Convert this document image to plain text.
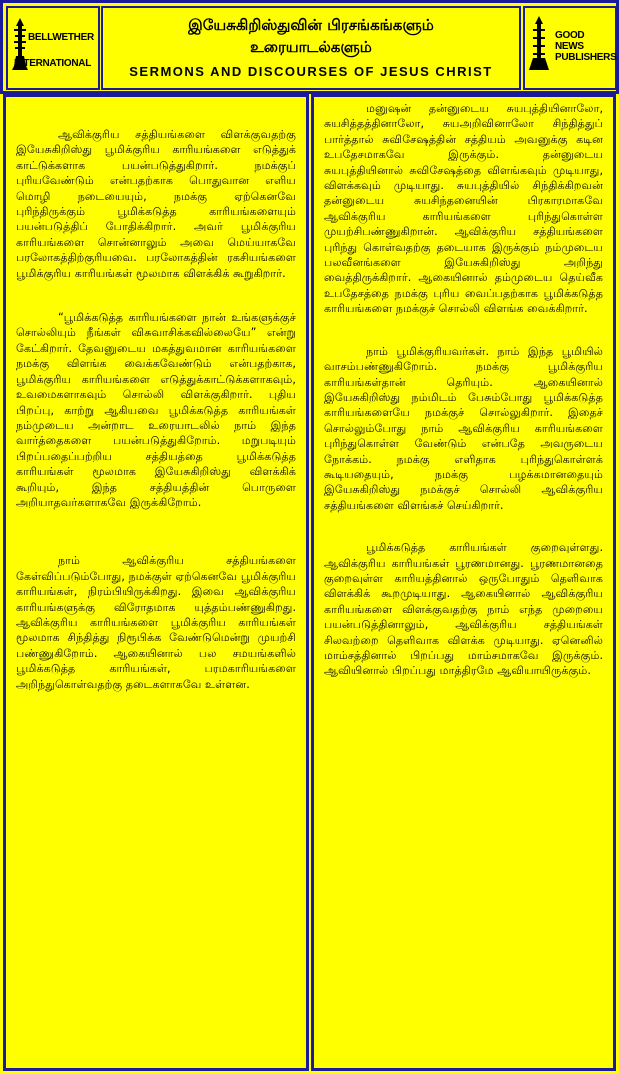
BELLWETHER
INTERNATIONAL
இயேசுகிறிஸ்துவின் பிரசங்கங்களும்
உரையாடல்களும்
SERMONS AND DISCOURSES OF JESUS CHRIST
GOOD NEWS
PUBLISHERS

ஆவிக்குரிய சத்தியங்களை விளக்குவதற்கு இயேசுகிறிஸ்து பூமிக்குரிய காரியங்களை எடுத்துக் காட்டுக்களாக பயன்படுத்துகிறார். நமக்குப் புரியவேண்டும் என்பதற்காக பொதுவான எளிய மொழி நடையையும், நமக்கு ஏற்கெனவே புரிந்திருக்கும் பூமிக்கடுத்த காரியங்களையும் பயன்படுத்திப் போதிக்கிறார். அவர் பூமிக்குரிய காரியங்களை சொன்னாலும் அவை மெய்யாகவே பரலோகத்திற்குரியவை. பரலோகத்தின் ரகசியங்களை பூமிக்குரிய காரியங்கள் மூலமாக விளக்கிக் கூறுகிறார்.

“பூமிக்கடுத்த காரியங்களை நான் உங்களுக்குச் சொல்லியும் நீங்கள் விசுவாசிக்கவில்லையே” என்று கேட்கிறார். தேவனுடைய மகத்துவமான காரியங்களை நமக்கு விளங்க வைக்கவேண்டும் என்பதற்காக, பூமிக்குரிய காரியங்களை எடுத்துக்காட்டுக்களாகவும், உவமைகளாகவும் சொல்லி விளக்குகிறார். புதிய பிறப்பு, காற்று ஆகியவை பூமிக்கடுத்த காரியங்கள் நம்முடைய அன்றாட உரையாடலில் நாம் இந்த வார்த்தைகளை பயன்படுத்துகிறோம். மறுபடியும் பிறப்பதைப்பற்றிய சத்தியத்தை பூமிக்கடுத்த காரியங்கள் மூலமாக இயேசுகிறிஸ்து விளக்கிக் கூறியும், இந்த சத்தியத்தின் பொருளை அறியாதவர்களாகவே இருக்கிறோம்.

நாம் ஆவிக்குரிய சத்தியங்களை கேள்விப்படும்போது, நமக்குள் ஏற்கெனவே பூமிக்குரிய காரியங்கள், நிரம்பியிருக்கிறது. இவை ஆவிக்குரிய காரியங்களுக்கு விரோதமாக யுத்தம்பண்ணுகிறது. ஆவிக்குரிய காரியங்களை பூமிக்குரிய காரியங்கள் மூலமாக சிந்தித்து நிரூபிக்க வேண்டுமென்று முயற்சி பண்ணுகிறோம். ஆகையினால் பல சமயங்களில் பூமிக்கடுத்த காரியங்கள், பரமகாரியங்களை அறிந்துகொள்வதற்கு தடைகளாகவே உள்ளன.

மனுஷன் தன்னுடைய சுயபுத்தியினாலோ, சுயசித்தத்தினாலோ, சுயஅறிவினாலோ சிந்தித்துப் பார்த்தால் சுவிசேஷத்தின் சத்தியம் அவனுக்கு கடின உபதேசமாகவே இருக்கும். தன்னுடைய சுயபுத்தியினால் சுவிசேஷத்தை விளங்கவும் முடியாது, விளக்கவும் முடியாது. சுயபுத்தியில் சிந்திக்கிறவன் தன்னுடைய சுயசிந்தனையின் பிரகாரமாகவே ஆவிக்குரிய காரியங்களை புரிந்துகொள்ள முயற்சிபண்ணுகிறான். ஆவிக்குரிய சத்தியங்களை புரிந்து கொள்வதற்கு தடையாக இருக்கும் நம்முடைய பலவீனங்களை இயேசுகிறிஸ்து அறிந்து வைத்திருக்கிறார். ஆகையினால் தம்முடைய தெய்வீக உபதேசத்தை நமக்கு புரிய வைப்பதற்காக பூமிக்கடுத்த காரியங்களை நமக்குச் சொல்லி விளங்க வைக்கிறார்.

நாம் பூமிக்குரியவர்கள். நாம் இந்த பூமியில் வாசம்பண்ணுகிறோம். நமக்கு பூமிக்குரிய காரியங்கள்தான் தெரியும். ஆகையினால் இயேசுகிறிஸ்து நம்மிடம் பேசும்போது பூமிக்கடுத்த காரியங்களையே நமக்குச் சொல்லுகிறார். இதைச் சொல்லும்போது நாம் ஆவிக்குரிய காரியங்களை புரிந்துகொள்ள வேண்டும் என்பதே அவருடைய நோக்கம். நமக்கு எளிதாக புரிந்துகொள்ளக் கூடியதையும், நமக்கு பழக்கமானதையும் இயேசுகிறிஸ்து நமக்குச் சொல்லி ஆவிக்குரிய சத்தியங்களை விளங்கச் செய்கிறார்.

பூமிக்கடுத்த காரியங்கள் குறைவுள்ளது. ஆவிக்குரிய காரியங்கள் பூரணமானது. பூரணமானதை குறைவுள்ள காரியத்தினால் ஒருபோதும் தெளிவாக விளக்கிக் கூறமுடியாது. ஆகையினால் ஆவிக்குரிய காரியங்களை விளக்குவதற்கு நாம் எந்த முறையை பயன்படுத்தினாலும், ஆவிக்குரிய சத்தியங்கள் சிலவற்றை தெளிவாக விளக்க முடியாது. ஏனெனில் மாம்சத்தினால் பிறப்பது மாம்சமாகவே இருக்கும். ஆவியினால் பிறப்பது மாத்திரமே ஆவியாயிருக்கும்.
